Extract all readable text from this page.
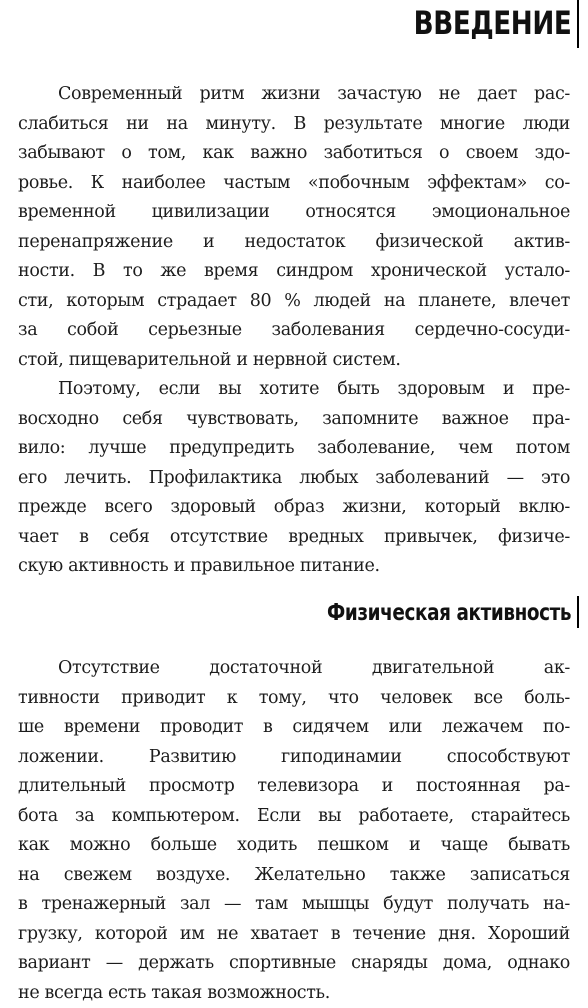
ВВЕДЕНИЕ
Современный ритм жизни зачастую не дает рас-
слабиться ни на минуту. В результате многие люди
забывают о том, как важно заботиться о своем здо-
ровье. К наиболее частым «побочным эффектам» со-
временной цивилизации относятся эмоциональное
перенапряжение и недостаток физической актив-
ности. В то же время синдром хронической устало-
сти, которым страдает 80 % людей на планете, влечет
за собой серьезные заболевания сердечно-сосуди-
стой, пищеварительной и нервной систем.
Поэтому, если вы хотите быть здоровым и пре-
восходно себя чувствовать, запомните важное пра-
вило: лучше предупредить заболевание, чем потом
его лечить. Профилактика любых заболеваний — это
прежде всего здоровый образ жизни, который вклю-
чает в себя отсутствие вредных привычек, физиче-
скую активность и правильное питание.
Физическая активность
Отсутствие достаточной двигательной ак-
тивности приводит к тому, что человек все боль-
ше времени проводит в сидячем или лежачем по-
ложении. Развитию гиподинамии способствуют
длительный просмотр телевизора и постоянная ра-
бота за компьютером. Если вы работаете, старайтесь
как можно больше ходить пешком и чаще бывать
на свежем воздухе. Желательно также записаться
в тренажерный зал — там мышцы будут получать на-
грузку, которой им не хватает в течение дня. Хороший
вариант — держать спортивные снаряды дома, однако
не всегда есть такая возможность.
